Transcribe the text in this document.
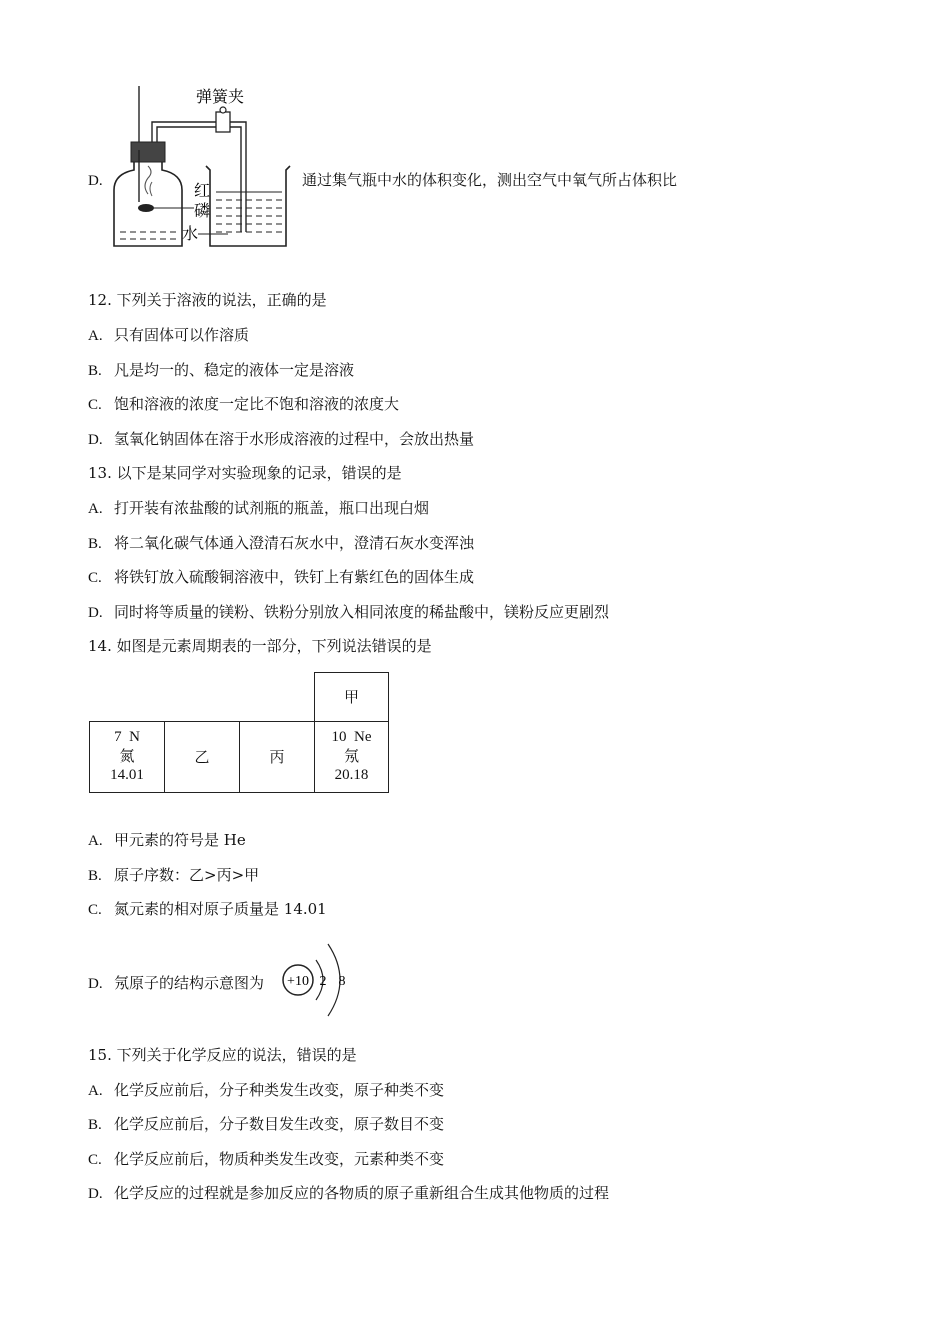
D.
弹簧夹
红
磷
水
通过集气瓶中水的体积变化，测出空气中氧气所占体积比
12. 下列关于溶液的说法，正确的是
A. 只有固体可以作溶质
B. 凡是均一的、稳定的液体一定是溶液
C. 饱和溶液的浓度一定比不饱和溶液的浓度大
D. 氢氧化钠固体在溶于水形成溶液的过程中，会放出热量
13. 以下是某同学对实验现象的记录，错误的是
A. 打开装有浓盐酸的试剂瓶的瓶盖，瓶口出现白烟
B. 将二氧化碳气体通入澄清石灰水中，澄清石灰水变浑浊
C. 将铁钉放入硫酸铜溶液中，铁钉上有紫红色的固体生成
D. 同时将等质量的镁粉、铁粉分别放入相同浓度的稀盐酸中，镁粉反应更剧烈
14. 如图是元素周期表的一部分，下列说法错误的是
甲
7 N
氮
14.01
乙	丙
10 Ne
氖
20.18
A. 甲元素的符号是 He
B. 原子序数：乙>丙>甲
C. 氮元素的相对原子质量是 14.01
D. 氖原子的结构示意图为 +10 2 8
15. 下列关于化学反应的说法，错误的是
A. 化学反应前后，分子种类发生改变，原子种类不变
B. 化学反应前后，分子数目发生改变，原子数目不变
C. 化学反应前后，物质种类发生改变，元素种类不变
D. 化学反应的过程就是参加反应的各物质的原子重新组合生成其他物质的过程
